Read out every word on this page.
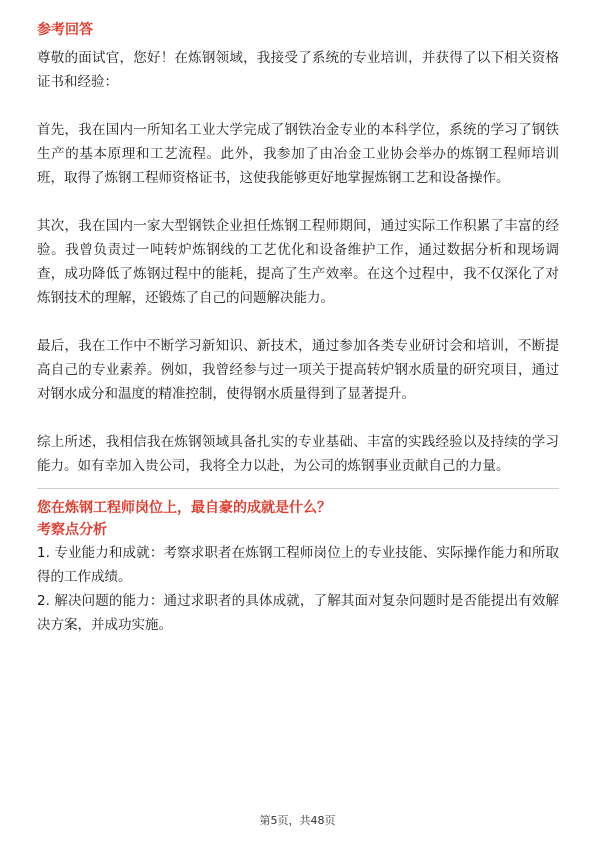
参考回答

尊敬的面试官，您好！在炼钢领域，我接受了系统的专业培训，并获得了以下相关资格证书和经验：

首先，我在国内一所知名工业大学完成了钢铁冶金专业的本科学位，系统的学习了钢铁生产的基本原理和工艺流程。此外，我参加了由冶金工业协会举办的炼钢工程师培训班，取得了炼钢工程师资格证书，这使我能够更好地掌握炼钢工艺和设备操作。

其次，我在国内一家大型钢铁企业担任炼钢工程师期间，通过实际工作积累了丰富的经验。我曾负责过一吨转炉炼钢线的工艺优化和设备维护工作，通过数据分析和现场调查，成功降低了炼钢过程中的能耗，提高了生产效率。在这个过程中，我不仅深化了对炼钢技术的理解，还锻炼了自己的问题解决能力。

最后，我在工作中不断学习新知识、新技术，通过参加各类专业研讨会和培训，不断提高自己的专业素养。例如，我曾经参与过一项关于提高转炉钢水质量的研究项目，通过对钢水成分和温度的精准控制，使得钢水质量得到了显著提升。

综上所述，我相信我在炼钢领域具备扎实的专业基础、丰富的实践经验以及持续的学习能力。如有幸加入贵公司，我将全力以赴，为公司的炼钢事业贡献自己的力量。

您在炼钢工程师岗位上，最自豪的成就是什么？

考察点分析

1. 专业能力和成就：考察求职者在炼钢工程师岗位上的专业技能、实际操作能力和所取得的工作成绩。

2. 解决问题的能力：通过求职者的具体成就，了解其面对复杂问题时是否能提出有效解决方案，并成功实施。

第5页，共48页
